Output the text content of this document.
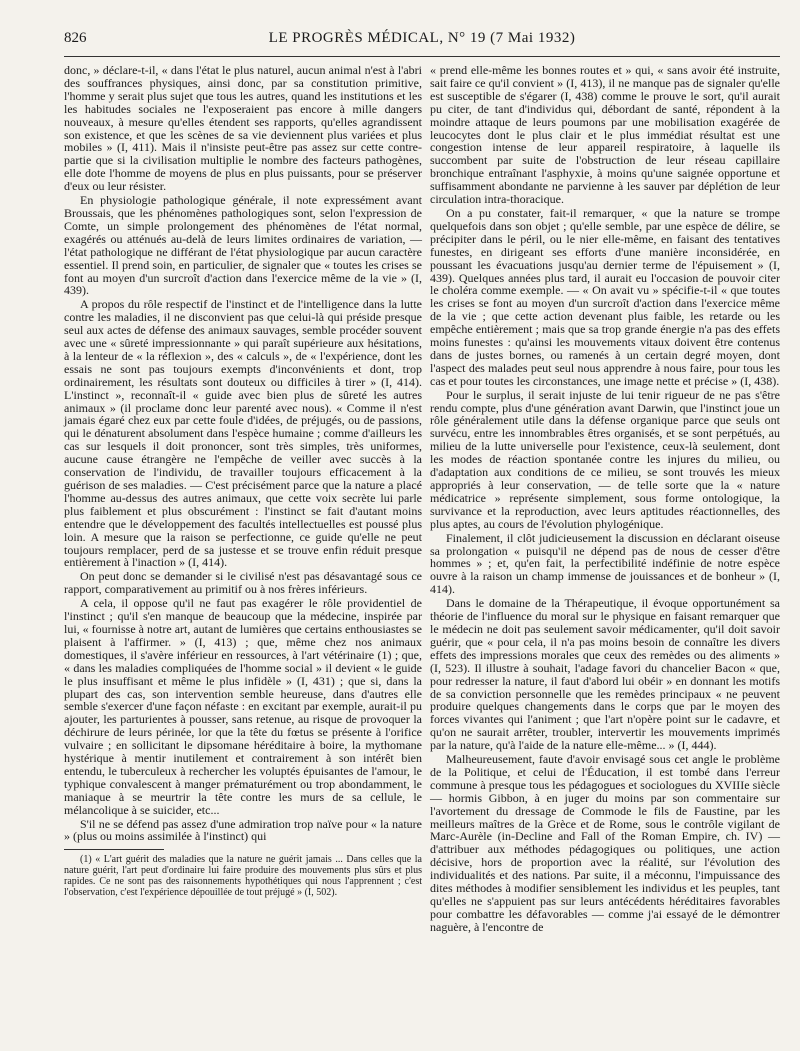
826	LE PROGRÈS MÉDICAL, N° 19 (7 Mai 1932)

donc, » déclare-t-il, « dans l'état le plus naturel, aucun animal n'est à l'abri des souffrances physiques, ainsi donc, par sa constitution primitive, l'homme y serait plus sujet que tous les autres, quand les institutions et les les habitudes sociales ne l'exposeraient pas encore à mille dangers nouveaux, à mesure qu'elles étendent ses rapports, qu'elles agrandissent son existence, et que les scènes de sa vie deviennent plus variées et plus mobiles » (I, 411). Mais il n'insiste peut-être pas assez sur cette contre-partie que si la civilisation multiplie le nombre des facteurs pathogènes, elle dote l'homme de moyens de plus en plus puissants, pour se préserver d'eux ou leur résister.

En physiologie pathologique générale, il note expressément avant Broussais, que les phénomènes pathologiques sont, selon l'expression de Comte, un simple prolongement des phénomènes de l'état normal, exagérés ou atténués au-delà de leurs limites ordinaires de variation, — l'état pathologique ne différant de l'état physiologique par aucun caractère essentiel. Il prend soin, en particulier, de signaler que « toutes les crises se font au moyen d'un surcroît d'action dans l'exercice même de la vie » (I, 439).

A propos du rôle respectif de l'instinct et de l'intelligence dans la lutte contre les maladies, il ne disconvient pas que celui-là qui préside presque seul aux actes de défense des animaux sauvages, semble procéder souvent avec une « sûreté impressionnante » qui paraît supérieure aux hésitations, à la lenteur de « la réflexion », des « calculs », de « l'expérience, dont les essais ne sont pas toujours exempts d'inconvénients et dont, trop ordinairement, les résultats sont douteux ou difficiles à tirer » (I, 414). L'instinct », reconnaît-il « guide avec bien plus de sûreté les autres animaux » (il proclame donc leur parenté avec nous). « Comme il n'est jamais égaré chez eux par cette foule d'idées, de préjugés, ou de passions, qui le dénaturent absolument dans l'espèce humaine ; comme d'ailleurs les cas sur lesquels il doit prononcer, sont très simples, très uniformes, aucune cause étrangère ne l'empêche de veiller avec succès à la conservation de l'individu, de travailler toujours efficacement à la guérison de ses maladies. — C'est précisément parce que la nature a placé l'homme au-dessus des autres animaux, que cette voix secrète lui parle plus faiblement et plus obscurément : l'instinct se fait d'autant moins entendre que le développement des facultés intellectuelles est poussé plus loin. A mesure que la raison se perfectionne, ce guide qu'elle ne peut toujours remplacer, perd de sa justesse et se trouve enfin réduit presque entièrement à l'inaction » (I, 414).

On peut donc se demander si le civilisé n'est pas désavantagé sous ce rapport, comparativement au primitif ou à nos frères inférieurs.

A cela, il oppose qu'il ne faut pas exagérer le rôle providentiel de l'instinct ; qu'il s'en manque de beaucoup que la médecine, inspirée par lui, « fournisse à notre art, autant de lumières que certains enthousiastes se plaisent à l'affirmer. » (I, 413) ; que, même chez nos animaux domestiques, il s'avère inférieur en ressources, à l'art vétérinaire (1) ; que, « dans les maladies compliquées de l'homme social » il devient « le guide le plus insuffisant et même le plus infidèle » (I, 431) ; que si, dans la plupart des cas, son intervention semble heureuse, dans d'autres elle semble s'exercer d'une façon néfaste : en excitant par exemple, aurait-il pu ajouter, les parturientes à pousser, sans retenue, au risque de provoquer la déchirure de leurs périnée, lor que la tête du fœtus se présente à l'orifice vulvaire ; en sollicitant le dipsomane héréditaire à boire, la mythomane hystérique à mentir inutilement et contrairement à son intérêt bien entendu, le tuberculeux à rechercher les voluptés épuisantes de l'amour, le typhique convalescent à manger prématurément ou trop abondamment, le maniaque à se meurtrir la tête contre les murs de sa cellule, le mélancolique à se suicider, etc...

S'il ne se défend pas assez d'une admiration trop naïve pour « la nature » (plus ou moins assimilée à l'instinct) qui

(1) « L'art guérit des maladies que la nature ne guérit jamais ... Dans celles que la nature guérit, l'art peut d'ordinaire lui faire produire des mouvements plus sûrs et plus rapides. Ce ne sont pas des raisonnements hypothétiques qui nous l'apprennent ; c'est l'observation, c'est l'expérience dépouillée de tout préjugé » (I, 502).

« prend elle-même les bonnes routes et » qui, « sans avoir été instruite, sait faire ce qu'il convient » (I, 413), il ne manque pas de signaler qu'elle est susceptible de s'égarer (I, 438) comme le prouve le sort, qu'il aurait pu citer, de tant d'individus qui, débordant de santé, répondent à la moindre attaque de leurs poumons par une mobilisation exagérée de leucocytes dont le plus clair et le plus immédiat résultat est une congestion intense de leur appareil respiratoire, à laquelle ils succombent par suite de l'obstruction de leur réseau capillaire bronchique entraînant l'asphyxie, à moins qu'une saignée opportune et suffisamment abondante ne parvienne à les sauver par déplétion de leur circulation intra-thoracique.

On a pu constater, fait-il remarquer, « que la nature se trompe quelquefois dans son objet ; qu'elle semble, par une espèce de délire, se précipiter dans le péril, ou le nier elle-même, en faisant des tentatives funestes, en dirigeant ses efforts d'une manière inconsidérée, en poussant les évacuations jusqu'au dernier terme de l'épuisement » (I, 439). Quelques années plus tard, il aurait eu l'occasion de pouvoir citer le choléra comme exemple. — « On avait vu » spécifie-t-il « que toutes les crises se font au moyen d'un surcroît d'action dans l'exercice même de la vie ; que cette action devenant plus faible, les retarde ou les empêche entièrement ; mais que sa trop grande énergie n'a pas des effets moins funestes : qu'ainsi les mouvements vitaux doivent être contenus dans de justes bornes, ou ramenés à un certain degré moyen, dont l'aspect des malades peut seul nous apprendre à nous faire, pour tous les cas et pour toutes les circonstances, une image nette et précise » (I, 438).

Pour le surplus, il serait injuste de lui tenir rigueur de ne pas s'être rendu compte, plus d'une génération avant Darwin, que l'instinct joue un rôle généralement utile dans la défense organique parce que seuls ont survécu, entre les innombrables êtres organisés, et se sont perpétués, au milieu de la lutte universelle pour l'existence, ceux-là seulement, dont les modes de réaction spontanée contre les injures du milieu, ou d'adaptation aux conditions de ce milieu, se sont trouvés les mieux appropriés à leur conservation, — de telle sorte que la « nature médicatrice » représente simplement, sous forme ontologique, la survivance et la reproduction, avec leurs aptitudes réactionnelles, des plus aptes, au cours de l'évolution phylogénique.

Finalement, il clôt judicieusement la discussion en déclarant oiseuse sa prolongation « puisqu'il ne dépend pas de nous de cesser d'être hommes » ; et, qu'en fait, la perfectibilité indéfinie de notre espèce ouvre à la raison un champ immense de jouissances et de bonheur » (I, 414).

Dans le domaine de la Thérapeutique, il évoque opportunément sa théorie de l'influence du moral sur le physique en faisant remarquer que le médecin ne doit pas seulement savoir médicamenter, qu'il doit savoir guérir, que « pour cela, il n'a pas moins besoin de connaître les divers effets des impressions morales que ceux des remèdes ou des aliments » (I, 523). Il illustre à souhait, l'adage favori du chancelier Bacon « que, pour redresser la nature, il faut d'abord lui obéir » en donnant les motifs de sa conviction personnelle que les remèdes principaux « ne peuvent produire quelques changements dans le corps que par le moyen des forces vivantes qui l'animent ; que l'art n'opère point sur le cadavre, et qu'on ne saurait arrêter, troubler, intervertir les mouvements imprimés par la nature, qu'à l'aide de la nature elle-même... » (I, 444).

Malheureusement, faute d'avoir envisagé sous cet angle le problème de la Politique, et celui de l'Éducation, il est tombé dans l'erreur commune à presque tous les pédagogues et sociologues du XVIIIe siècle — hormis Gibbon, à en juger du moins par son commentaire sur l'avortement du dressage de Commode le fils de Faustine, par les meilleurs maîtres de la Grèce et de Rome, sous le contrôle vigilant de Marc-Aurèle (in-Decline and Fall of the Roman Empire, ch. IV) — d'attribuer aux méthodes pédagogiques ou politiques, une action décisive, hors de proportion avec la réalité, sur l'évolution des individualités et des nations. Par suite, il a méconnu, l'impuissance des dites méthodes à modifier sensiblement les individus et les peuples, tant qu'elles ne s'appuient pas sur leurs antécédents héréditaires favorables pour combattre les défavorables — comme j'ai essayé de le démontrer naguère, à l'encontre de
